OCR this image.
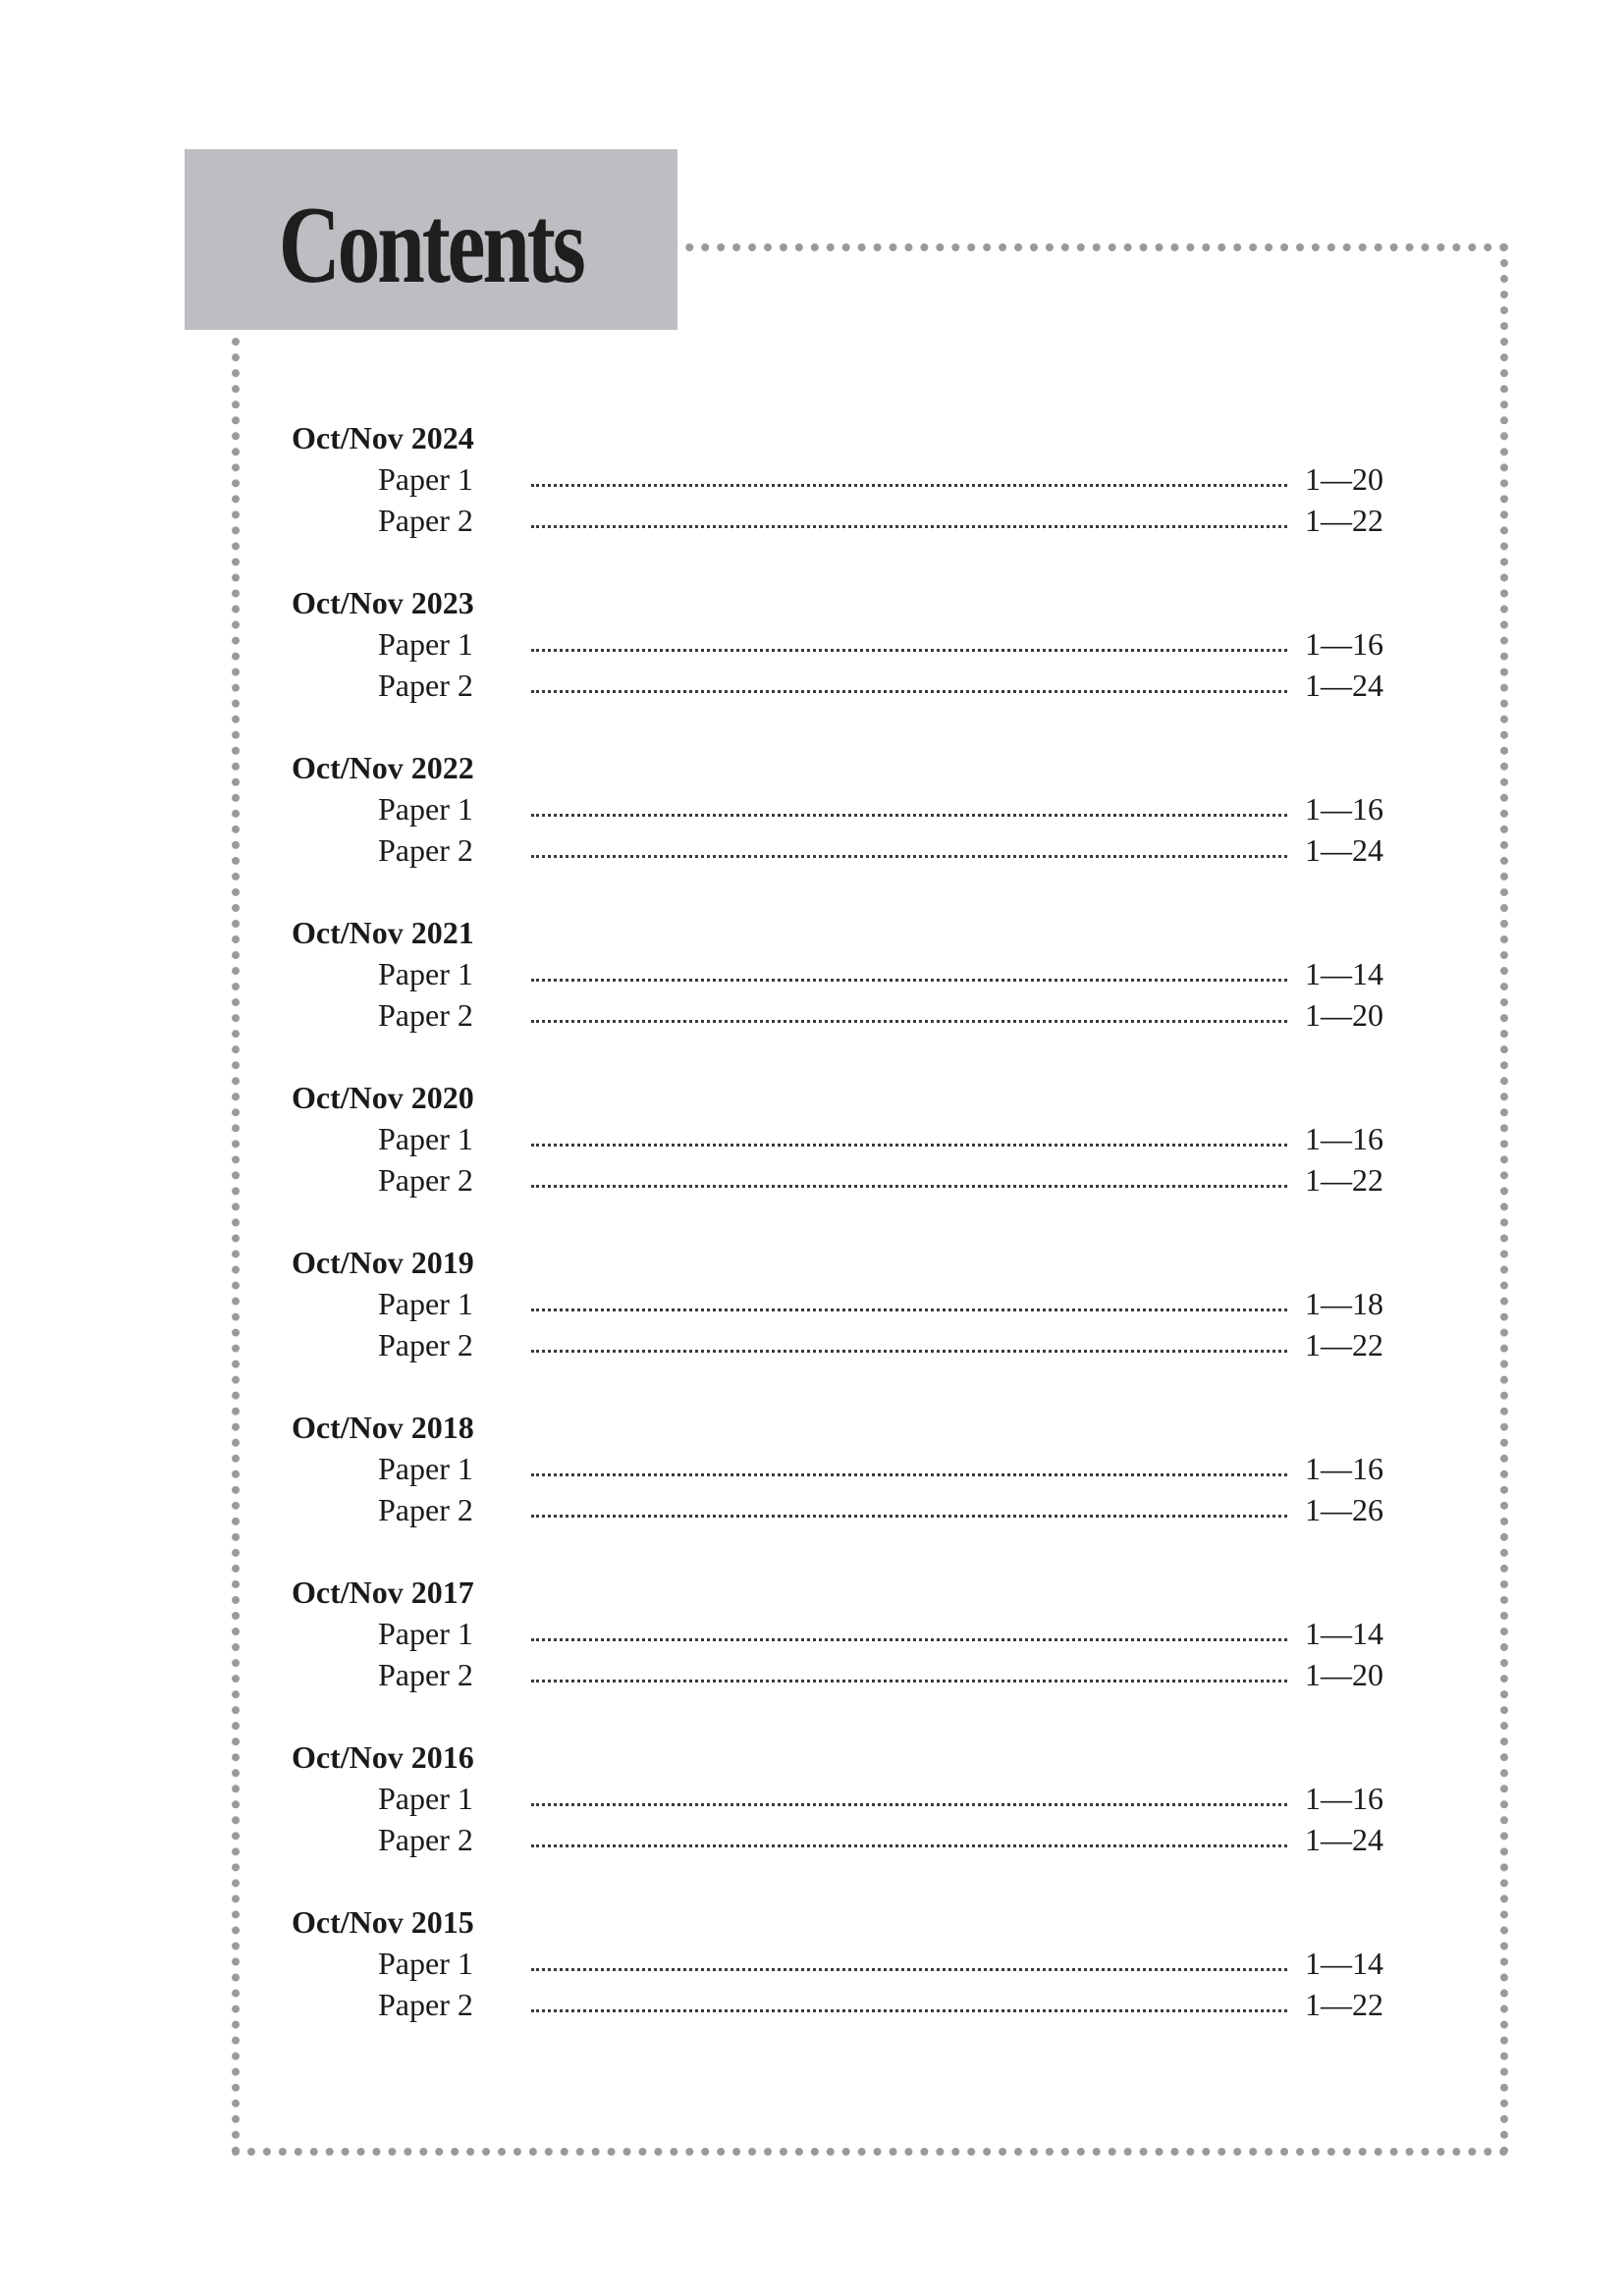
Contents
Oct/Nov 2024
Paper 1	1—20
Paper 2	1—22
Oct/Nov 2023
Paper 1	1—16
Paper 2	1—24
Oct/Nov 2022
Paper 1	1—16
Paper 2	1—24
Oct/Nov 2021
Paper 1	1—14
Paper 2	1—20
Oct/Nov 2020
Paper 1	1—16
Paper 2	1—22
Oct/Nov 2019
Paper 1	1—18
Paper 2	1—22
Oct/Nov 2018
Paper 1	1—16
Paper 2	1—26
Oct/Nov 2017
Paper 1	1—14
Paper 2	1—20
Oct/Nov 2016
Paper 1	1—16
Paper 2	1—24
Oct/Nov 2015
Paper 1	1—14
Paper 2	1—22
